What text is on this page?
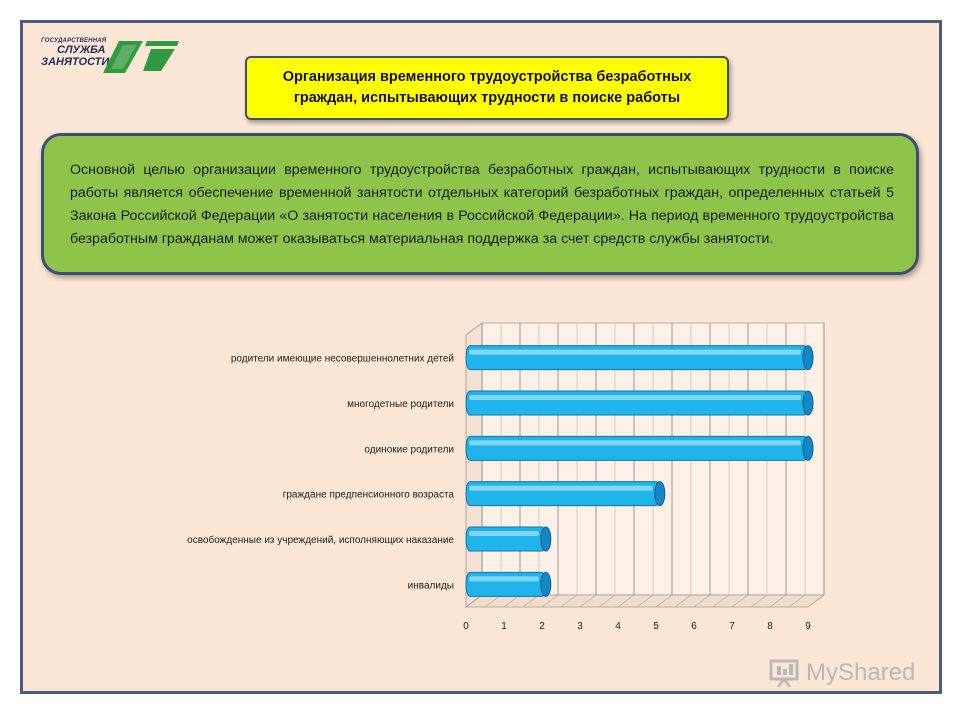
ГОСУДАРСТВЕННАЯ
СЛУЖБА
ЗАНЯТОСТИ
Организация временного трудоустройства безработных
граждан, испытывающих трудности в поиске работы

Основной целью организации временного трудоустройства безработных граждан, испытывающих трудности в поиске работы является обеспечение временной занятости отдельных категорий безработных граждан, определенных статьей 5 Закона Российской Федерации «О занятости населения в Российской Федерации». На период временного трудоустройства безработным гражданам может оказываться материальная поддержка за счет средств службы занятости.

родители имеющие несовершеннолетних детей
многодетные родители
одинокие родители
граждане предпенсионного возраста
освобожденные из учреждений, исполняющих наказание
инвалиды
0	1	2	3	4	5	6	7	8	9
MyShared
